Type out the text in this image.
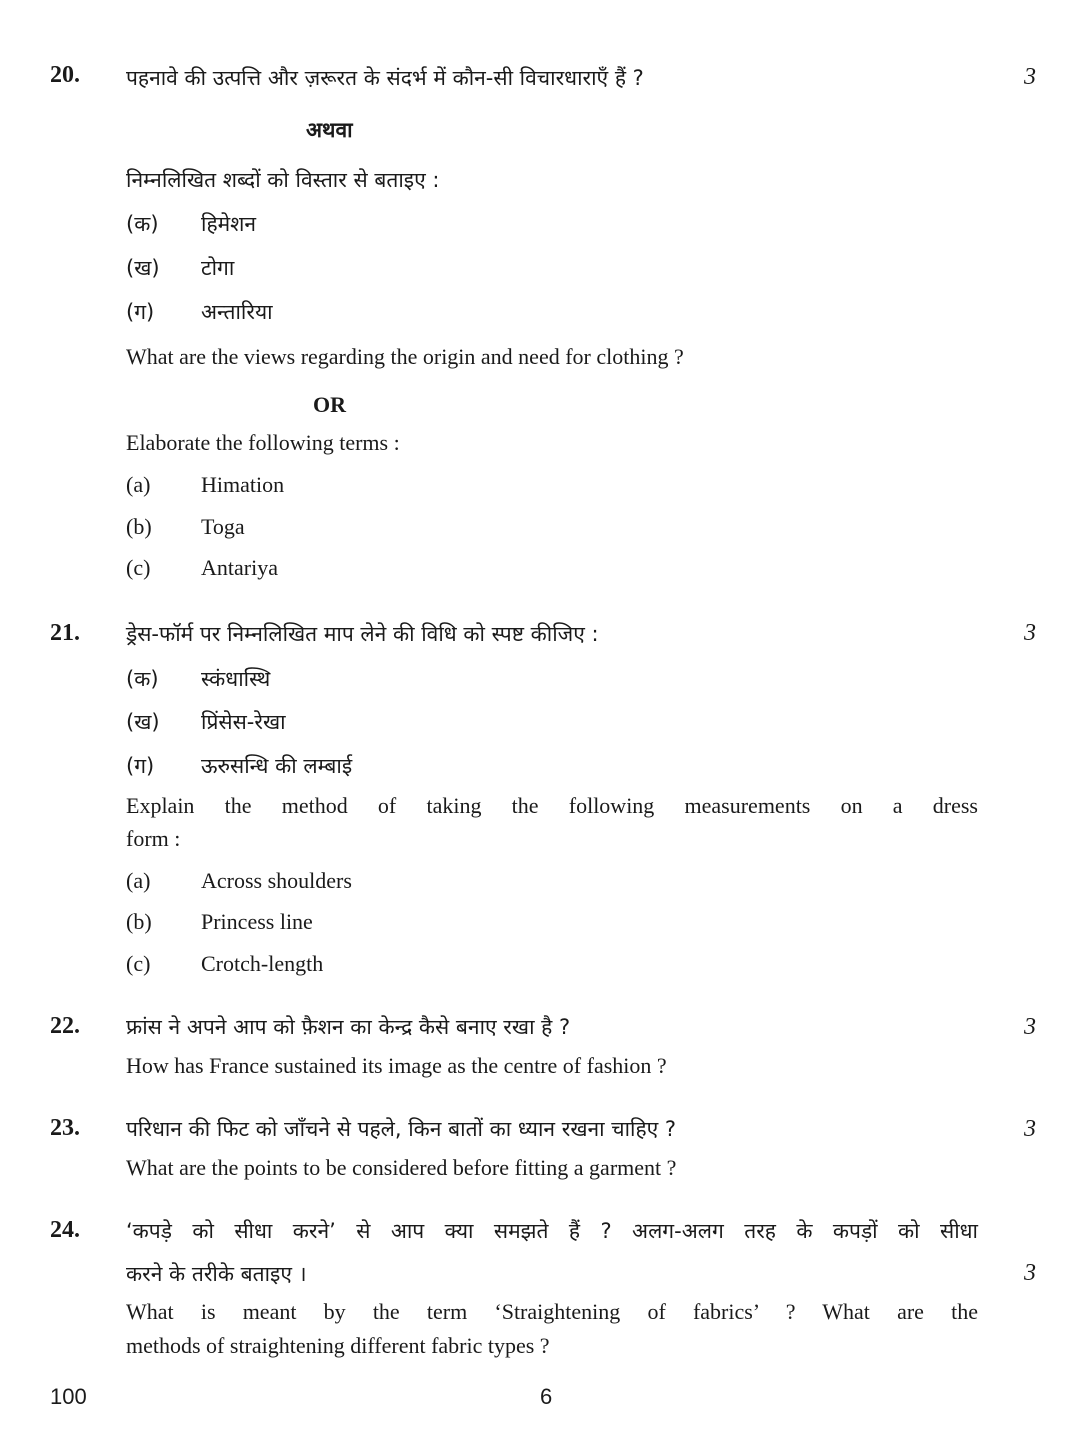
20.	3
पहनावे की उत्पत्ति और ज़रूरत के संदर्भ में कौन-सी विचारधाराएँ हैं ?
अथवा
निम्नलिखित शब्दों को विस्तार से बताइए :
(क) हिमेशन
(ख) टोगा
(ग) अन्तारिया
What are the views regarding the origin and need for clothing ?
OR
Elaborate the following terms :
(a) Himation
(b) Toga
(c) Antariya
21.	3
ड्रेस-फॉर्म पर निम्नलिखित माप लेने की विधि को स्पष्ट कीजिए :
(क) स्कंधास्थि
(ख) प्रिंसेस-रेखा
(ग) ऊरुसन्धि की लम्बाई
Explain the method of taking the following measurements on a dress
form :
(a) Across shoulders
(b) Princess line
(c) Crotch-length
22.	3
फ्रांस ने अपने आप को फ़ैशन का केन्द्र कैसे बनाए रखा है ?
How has France sustained its image as the centre of fashion ?
23.	3
परिधान की फिट को जाँचने से पहले, किन बातों का ध्यान रखना चाहिए ?
What are the points to be considered before fitting a garment ?
24.
3
‘कपड़े को सीधा करने’ से आप क्या समझते हैं ? अलग-अलग तरह के कपड़ों को सीधा
करने के तरीके बताइए ।
What is meant by the term ‘Straightening of fabrics’ ? What are the
methods of straightening different fabric types ?
100	6
